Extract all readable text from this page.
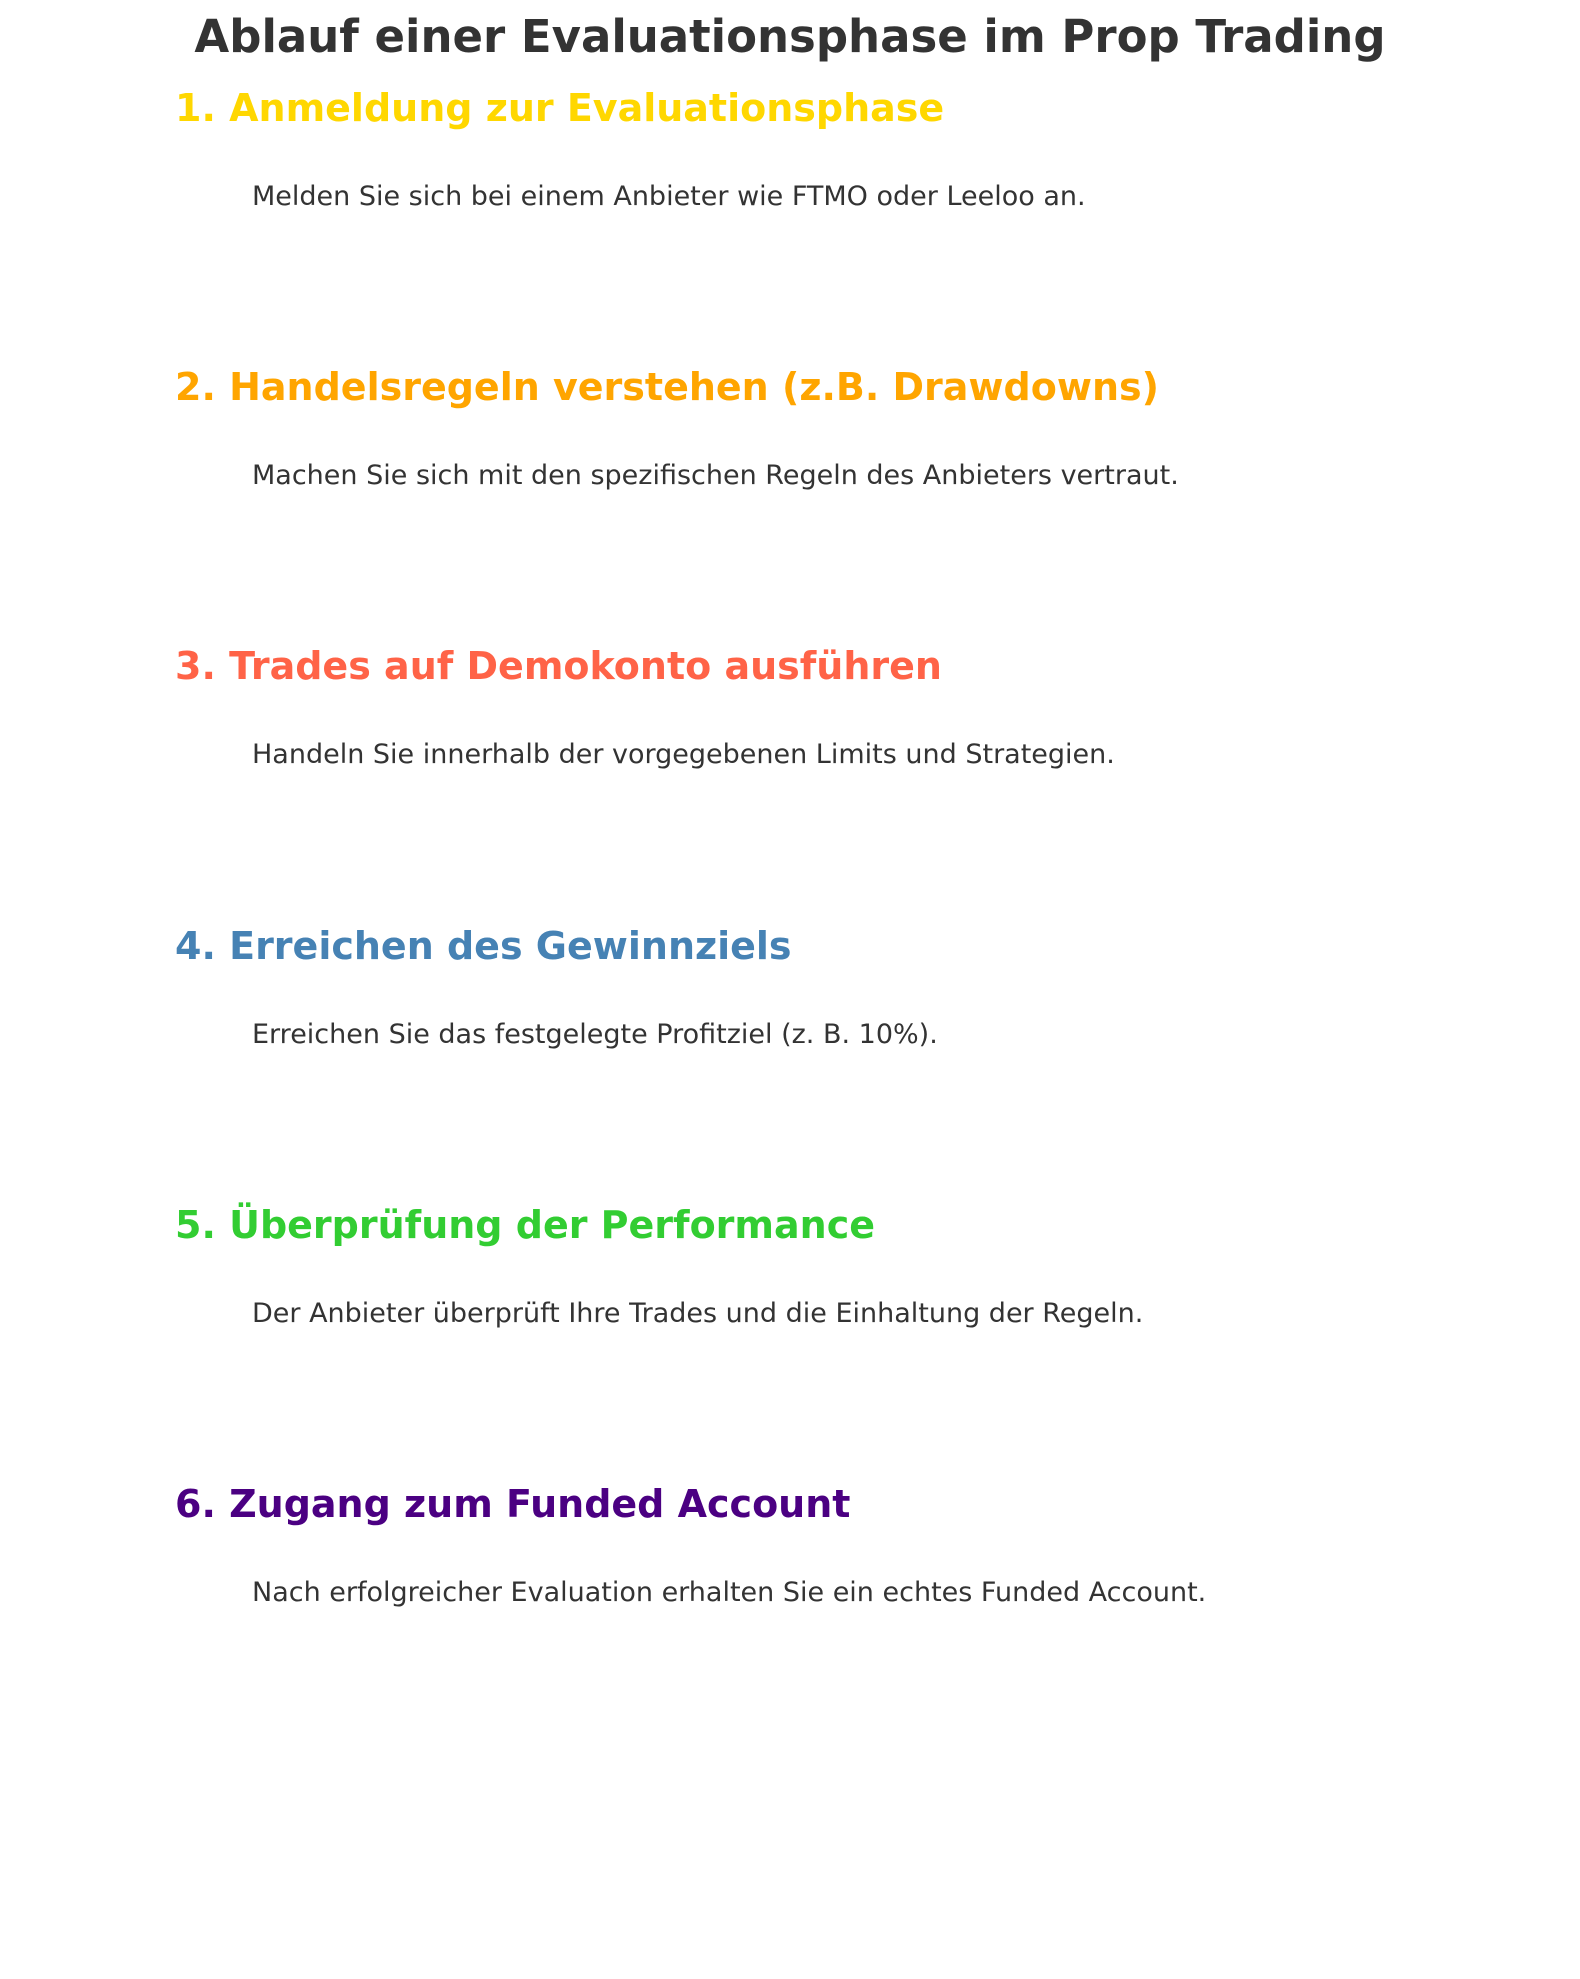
Ablauf einer Evaluationsphase im Prop Trading
1. Anmeldung zur Evaluationsphase

Melden Sie sich bei einem Anbieter wie FTMO oder Leeloo an.

2. Handelsregeln verstehen (z.B. Drawdowns)

Machen Sie sich mit den spezifischen Regeln des Anbieters vertraut.

3. Trades auf Demokonto ausführen

Handeln Sie innerhalb der vorgegebenen Limits und Strategien.

4. Erreichen des Gewinnziels

Erreichen Sie das festgelegte Profitziel (z. B. 10%).

5. Überprüfung der Performance

Der Anbieter überprüft Ihre Trades und die Einhaltung der Regeln.

6. Zugang zum Funded Account

Nach erfolgreicher Evaluation erhalten Sie ein echtes Funded Account.
